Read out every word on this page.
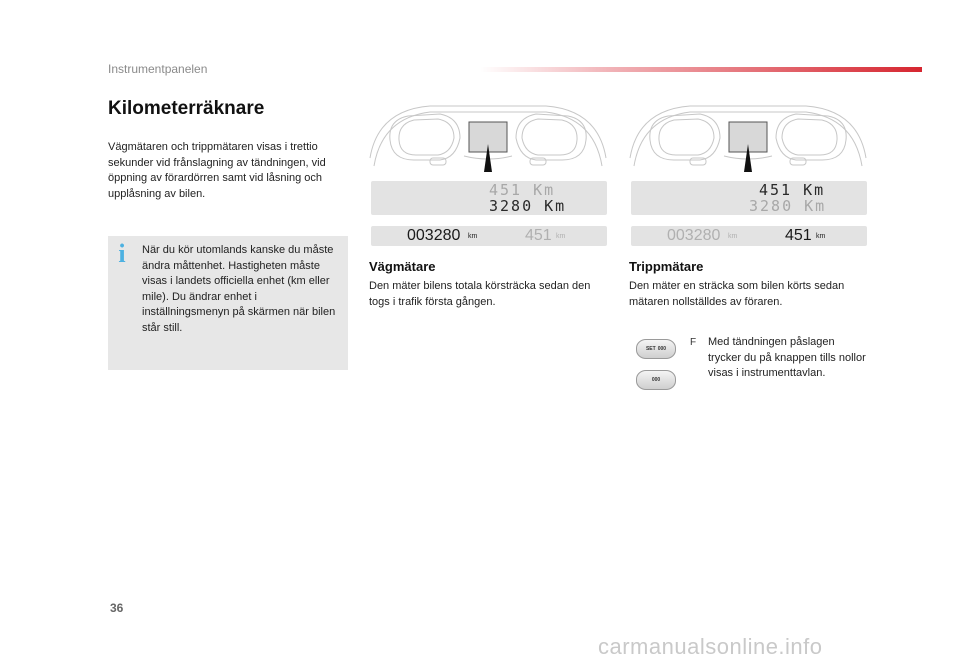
Instrumentpanelen
Kilometerräknare
Vägmätaren och trippmätaren visas i trettio sekunder vid frånslagning av tändningen, vid öppning av förardörren samt vid låsning och upplåsning av bilen.
i När du kör utomlands kanske du måste ändra måttenhet. Hastigheten måste visas i landets officiella enhet (km eller mile). Du ändrar enhet i inställningsmenyn på skärmen när bilen står still.
451 Km
3280 Km
451 Km
3280 Km
003280 km	451 km	003280 km	451 km
Vägmätare
Den mäter bilens totala körsträcka sedan den togs i trafik första gången.
Trippmätare
Den mäter en sträcka som bilen körts sedan mätaren nollställdes av föraren.
SET 000
000
F Med tändningen påslagen trycker du på knappen tills nollor visas i instrumenttavlan.
36
carmanualsonline.info
